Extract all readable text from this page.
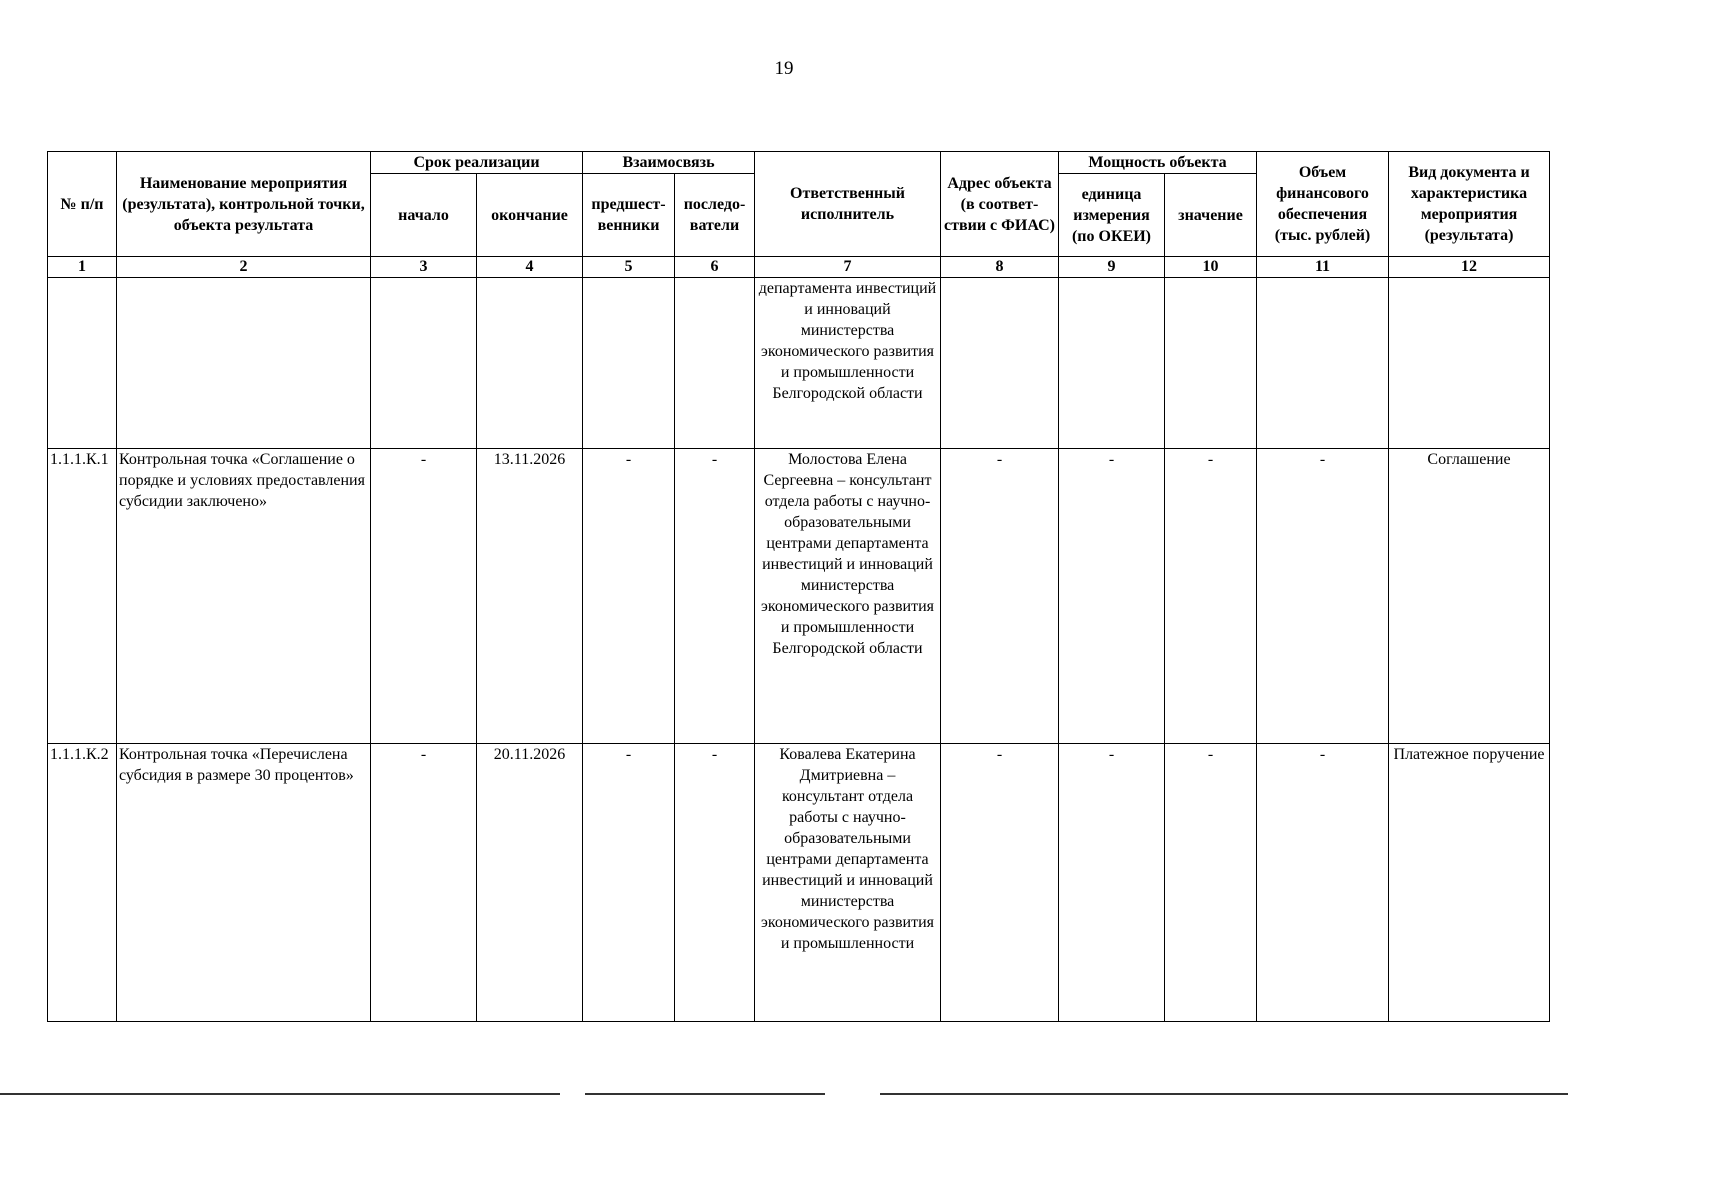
19
№ п/п	Наименование мероприятия (результата), контрольной точки, объекта результата	Срок реализации		Взаимосвязь		Ответственный исполнитель	Адрес объекта (в соответ-ствии с ФИАС)	Мощность объекта		Объем финансового обеспечения (тыс. рублей)	Вид документа и характеристика мероприятия (результата)
		начало	окончание	предшест-венники	последо-ватели			единица измерения (по ОКЕИ)	значение		
1	2	3	4	5	6	7	8	9	10	11	12
						департамента инвестиций и инноваций министерства экономического развития и промышленности Белгородской области					
1.1.1.К.1	Контрольная точка «Соглашение о порядке и условиях предоставления субсидии заключено»	-	13.11.2026	-	-	Молостова Елена Сергеевна – консультант отдела работы с научно-образовательными центрами департамента инвестиций и инноваций министерства экономического развития и промышленности Белгородской области	-	-	-	-	Соглашение
1.1.1.К.2	Контрольная точка «Перечислена субсидия в размере 30 процентов»	-	20.11.2026	-	-	Ковалева Екатерина Дмитриевна – консультант отдела работы с научно-образовательными центрами департамента инвестиций и инноваций министерства экономического развития и промышленности	-	-	-	-	Платежное поручение
